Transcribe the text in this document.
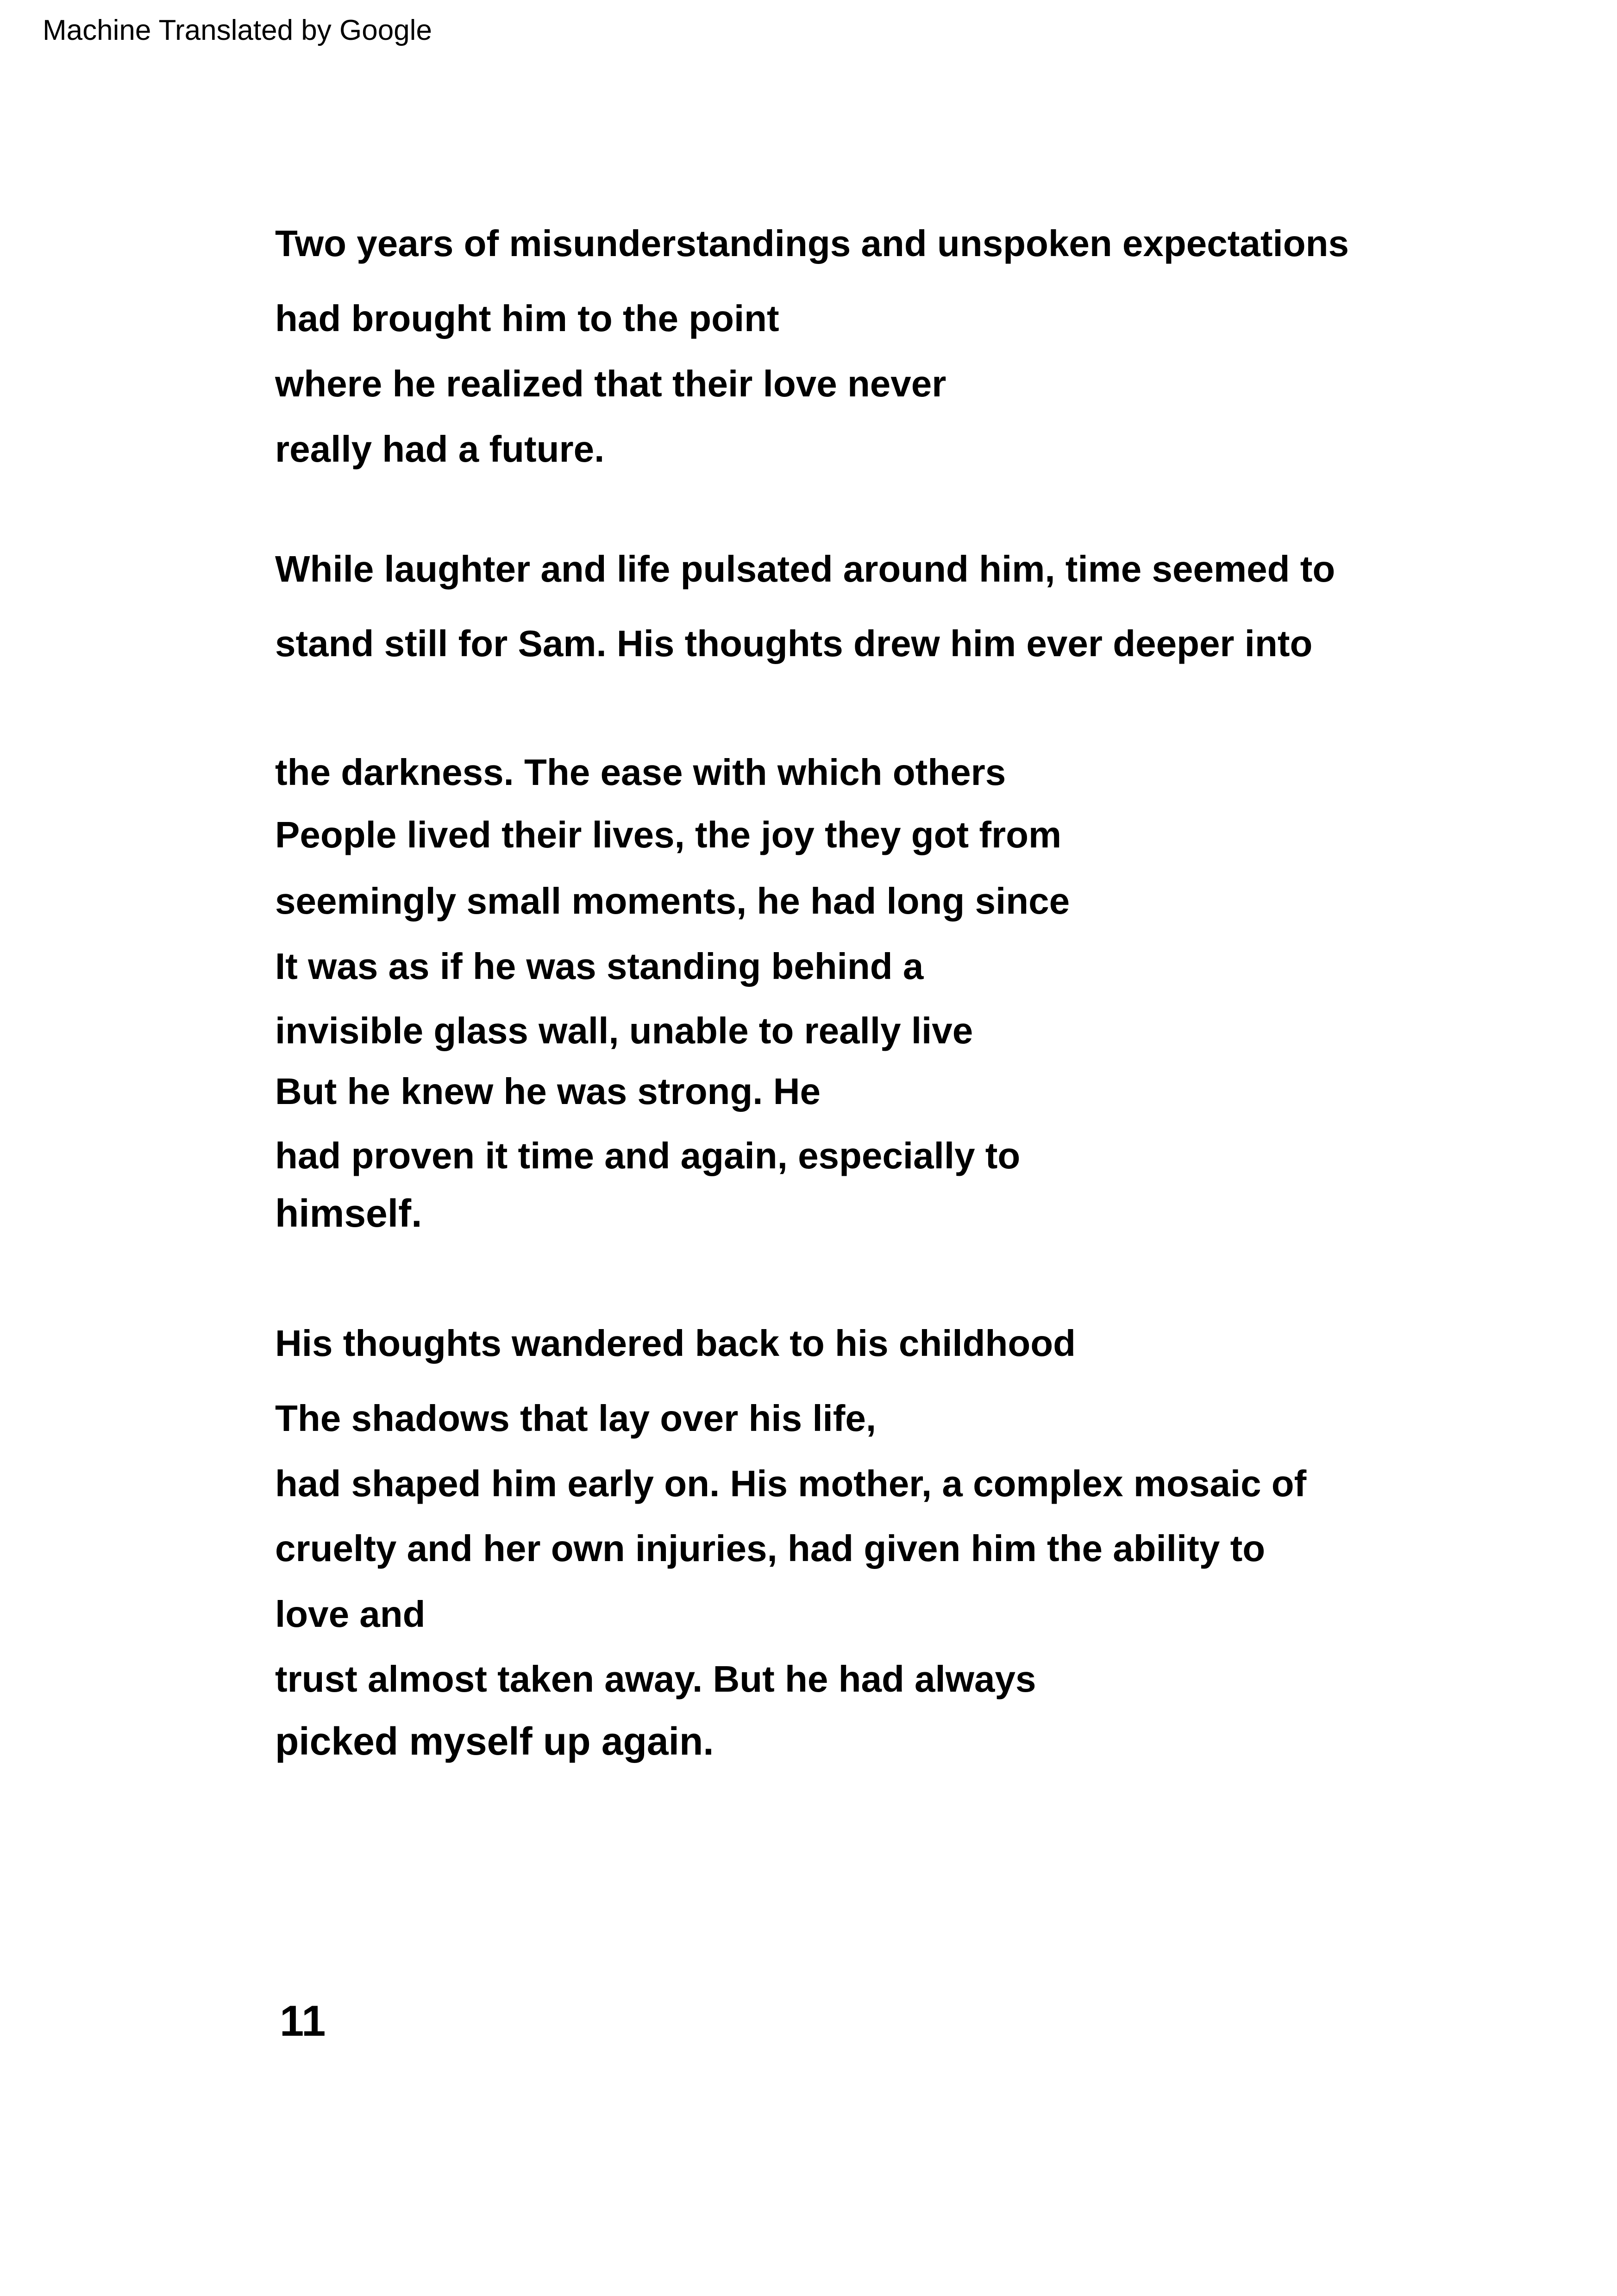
Machine Translated by Google
Two years of misunderstandings and unspoken expectations
had brought him to the point
where he realized that their love never
really had a future.
While laughter and life pulsated around him, time seemed to
stand still for Sam. His thoughts drew him ever deeper into
the darkness. The ease with which others
People lived their lives, the joy they got from
seemingly small moments, he had long since
It was as if he was standing behind a
invisible glass wall, unable to really live
But he knew he was strong. He
had proven it time and again, especially to
himself.
His thoughts wandered back to his childhood
The shadows that lay over his life,
had shaped him early on. His mother, a complex mosaic of
cruelty and her own injuries, had given him the ability to
love and
trust almost taken away. But he had always
picked myself up again.
11
